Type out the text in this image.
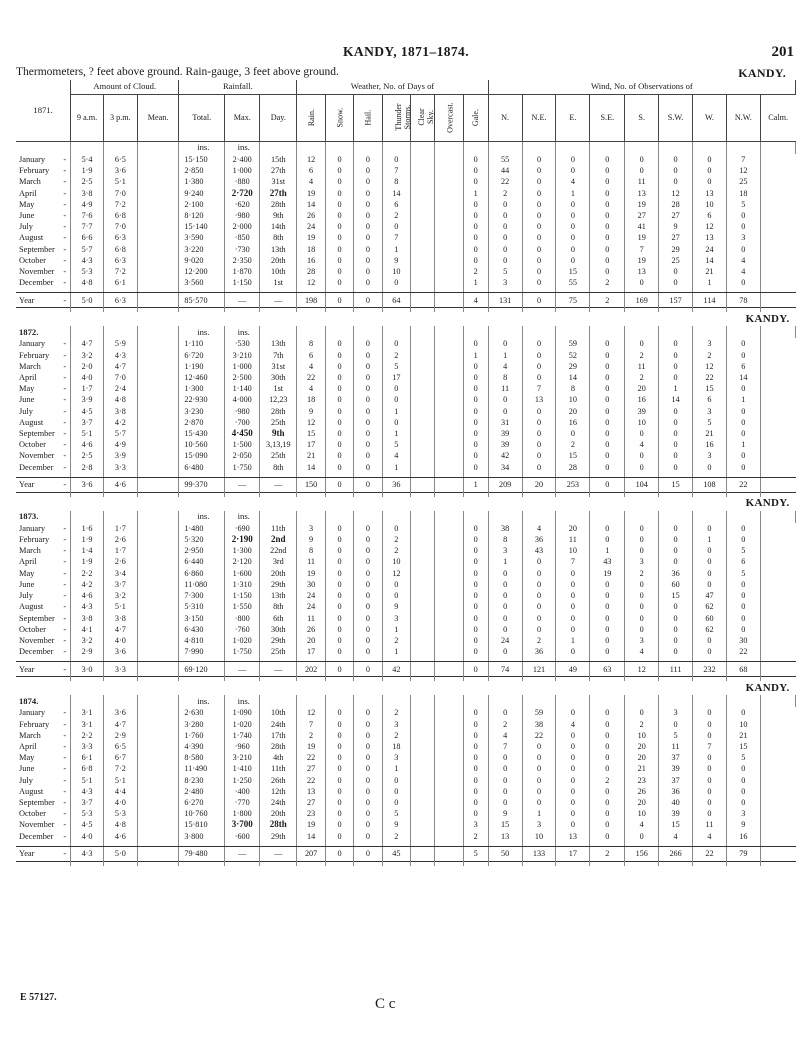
KANDY, 1871–1874.	201
Thermometers, ? feet above ground. Rain-gauge, 3 feet above ground.	KANDY.
1871.	Amount of Cloud.			Rainfall.			Weather, No. of Days of							Wind, No. of Observations of								
	9 a.m.	3 p.m.	Mean.	Total.	Max.	Day.	Rain.	Snow.	Hail.	Thunder Storms.	Clear Sky.	Overcast.	Gale.	N.	N.E.	E.	S.E.	S.	S.W.	W.	N.W.	Calm.
				ins.	ins.																	
January -	5·4	6·5		15·150	2·400	15th	12	0	0	0			0	55	0	0	0	0	0	0	7	
February -	1·9	3·6		2·850	1·000	27th	6	0	0	7			0	44	0	0	0	0	0	0	12	
March -	2·5	5·1		1·380	·880	31st	4	0	0	8			0	22	0	4	0	11	0	0	25	
April -	3·8	7·0		9·240	2·720	27th	19	0	0	14			1	2	0	1	0	13	12	13	18	
May -	4·9	7·2		2·100	·620	28th	14	0	0	6			0	0	0	0	0	19	28	10	5	
June -	7·6	6·8		8·120	·980	9th	26	0	0	2			0	0	0	0	0	27	27	6	0	
July -	7·7	7·0		15·140	2·000	14th	24	0	0	0			0	0	0	0	0	41	9	12	0	
August -	6·6	6·3		3·590	·850	8th	19	0	0	7			0	0	0	0	0	19	27	13	3	
September -	5·7	6·8		3·220	·730	13th	18	0	0	1			0	0	0	0	0	7	29	24	0	
October -	4·3	6·3		9·020	2·350	20th	16	0	0	9			0	0	0	0	0	19	25	14	4	
November -	5·3	7·2		12·200	1·870	10th	28	0	0	10			2	5	0	15	0	13	0	21	4	
December -	4·8	6·1		3·560	1·150	1st	12	0	0	0			1	3	0	55	2	0	0	1	0	

Year -	5·0	6·3		85·570	—	—	198	0	0	64			4	131	0	75	2	169	157	114	78	

KANDY.																						
1872.				ins.	ins.																	
January -	4·7	5·9		1·110	·530	13th	8	0	0	0			0	0	0	59	0	0	0	3	0	
February -	3·2	4·3		6·720	3·210	7th	6	0	0	2			1	1	0	52	0	2	0	2	0	
March -	2·0	4·7		1·190	1·000	31st	4	0	0	5			0	4	0	29	0	11	0	12	6	
April -	4·0	7·0		12·460	2·500	30th	22	0	0	17			0	8	0	14	0	2	0	22	14	
May -	1·7	2·4		1·300	1·140	1st	4	0	0	0			0	11	7	8	0	20	1	15	0	
June -	3·9	4·8		22·930	4·000	12,23	18	0	0	0			0	0	13	10	0	16	14	6	1	
July -	4·5	3·8		3·230	·980	28th	9	0	0	1			0	0	0	20	0	39	0	3	0	
August -	3·7	4·2		2·870	·700	25th	12	0	0	0			0	31	0	16	0	10	0	5	0	
September -	5·1	5·7		15·430	4·450	9th	15	0	0	1			0	39	0	0	0	0	0	21	0	
October -	4·6	4·9		10·560	1·500	3,13,19	17	0	0	5			0	39	0	2	0	4	0	16	1	
November -	2·5	3·9		15·090	2·050	25th	21	0	0	4			0	42	0	15	0	0	0	3	0	
December -	2·8	3·3		6·480	1·750	8th	14	0	0	1			0	34	0	28	0	0	0	0	0	

Year -	3·6	4·6		99·370	—	—	150	0	0	36			1	209	20	253	0	104	15	108	22	

KANDY.																						
1873.				ins.	ins.																	
January -	1·6	1·7		1·480	·690	11th	3	0	0	0			0	38	4	20	0	0	0	0	0	
February -	1·9	2·6		5·320	2·190	2nd	9	0	0	2			0	8	36	11	0	0	0	1	0	
March -	1·4	1·7		2·950	1·300	22nd	8	0	0	2			0	3	43	10	1	0	0	0	5	
April -	1·9	2·6		6·440	2·120	3rd	11	0	0	10			0	1	0	7	43	3	0	0	6	
May -	2·2	3·4		6·860	1·600	20th	19	0	0	12			0	0	0	0	19	2	36	0	5	
June -	4·2	3·7		11·080	1·310	29th	30	0	0	0			0	0	0	0	0	0	60	0	0	
July -	4·6	3·2		7·300	1·150	13th	24	0	0	0			0	0	0	0	0	0	15	47	0	
August -	4·3	5·1		5·310	1·550	8th	24	0	0	9			0	0	0	0	0	0	0	62	0	
September -	3·8	3·8		3·150	·800	6th	11	0	0	3			0	0	0	0	0	0	0	60	0	
October -	4·1	4·7		6·430	·760	30th	26	0	0	1			0	0	0	0	0	0	0	62	0	
November -	3·2	4·0		4·810	1·020	29th	20	0	0	2			0	24	2	1	0	3	0	0	30	
December -	2·9	3·6		7·990	1·750	25th	17	0	0	1			0	0	36	0	0	4	0	0	22	

Year -	3·0	3·3		69·120	—	—	202	0	0	42			0	74	121	49	63	12	111	232	68	

KANDY.																						
1874.				ins.	ins.																	
January -	3·1	3·6		2·630	1·090	10th	12	0	0	2			0	0	59	0	0	0	3	0	0	
February -	3·1	4·7		3·280	1·020	24th	7	0	0	3			0	2	38	4	0	2	0	0	10	
March -	2·2	2·9		1·760	1·740	17th	2	0	0	2			0	4	22	0	0	10	5	0	21	
April -	3·3	6·5		4·390	·960	28th	19	0	0	18			0	7	0	0	0	20	11	7	15	
May -	6·1	6·7		8·580	3·210	4th	22	0	0	3			0	0	0	0	0	20	37	0	5	
June -	6·8	7·2		11·490	1·410	11th	27	0	0	1			0	0	0	0	0	21	39	0	0	
July -	5·1	5·1		8·230	1·250	26th	22	0	0	0			0	0	0	0	2	23	37	0	0	
August -	4·3	4·4		2·480	·400	12th	13	0	0	0			0	0	0	0	0	26	36	0	0	
September -	3·7	4·0		6·270	·770	24th	27	0	0	0			0	0	0	0	0	20	40	0	0	
October -	5·3	5·3		10·760	1·800	20th	23	0	0	5			0	9	1	0	0	10	39	0	3	
November -	4·5	4·8		15·810	3·700	28th	19	0	0	9			3	15	3	0	0	4	15	11	9	
December -	4·0	4·6		3·800	·600	29th	14	0	0	2			2	13	10	13	0	0	4	4	16	

Year -	4·3	5·0		79·480	—	—	207	0	0	45			5	50	133	17	2	156	266	22	79	

E 57127.	C c
